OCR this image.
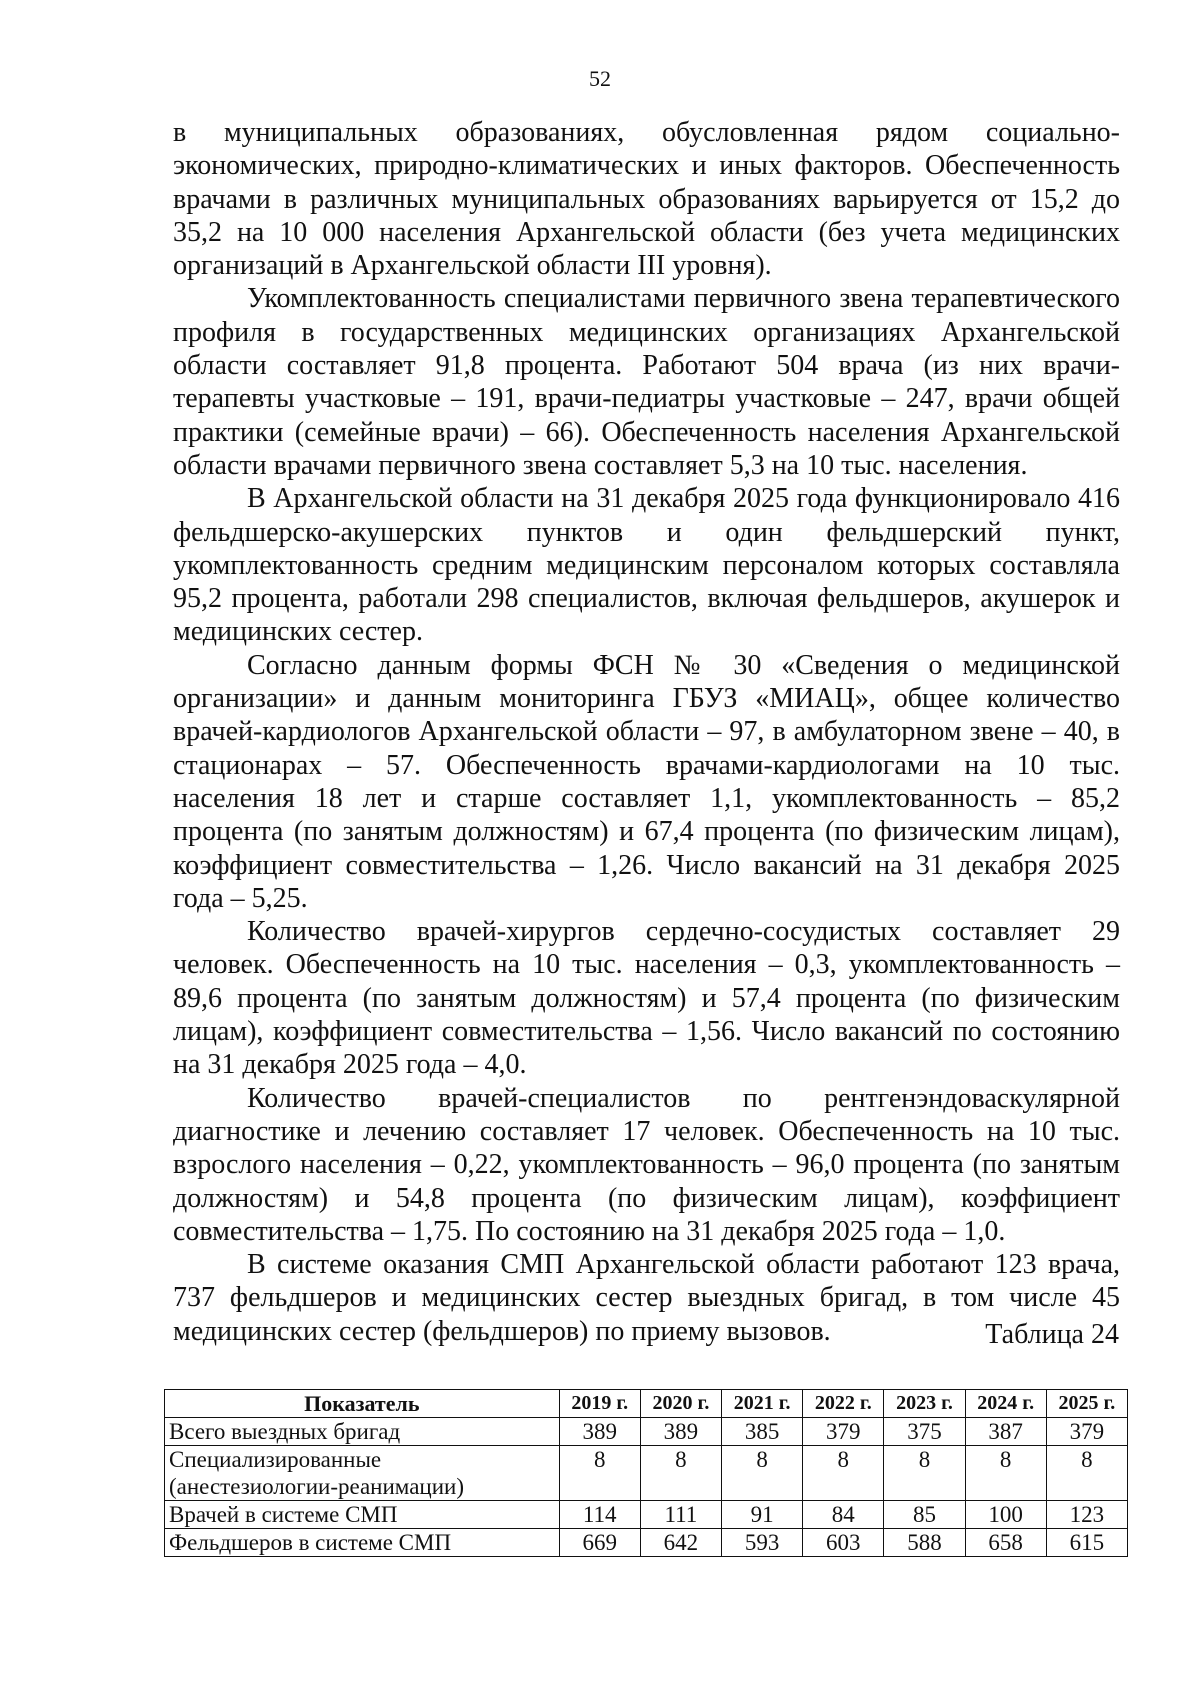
52

в муниципальных образованиях, обусловленная рядом социально-экономических, природно-климатических и иных факторов. Обеспеченность врачами в различных муниципальных образованиях варьируется от 15,2 до 35,2 на 10 000 населения Архангельской области (без учета медицинских организаций в Архангельской области III уровня).

Укомплектованность специалистами первичного звена терапевтического профиля в государственных медицинских организациях Архангельской области составляет 91,8 процента. Работают 504 врача (из них врачи-терапевты участковые – 191, врачи-педиатры участковые – 247, врачи общей практики (семейные врачи) – 66). Обеспеченность населения Архангельской области врачами первичного звена составляет 5,3 на 10 тыс. населения.

В Архангельской области на 31 декабря 2025 года функционировало 416 фельдшерско-акушерских пунктов и один фельдшерский пункт, укомплектованность средним медицинским персоналом которых составляла 95,2 процента, работали 298 специалистов, включая фельдшеров, акушерок и медицинских сестер.

Согласно данным формы ФСН № 30 «Сведения о медицинской организации» и данным мониторинга ГБУЗ «МИАЦ», общее количество врачей-кардиологов Архангельской области – 97, в амбулаторном звене – 40, в стационарах – 57. Обеспеченность врачами-кардиологами на 10 тыс. населения 18 лет и старше составляет 1,1, укомплектованность – 85,2 процента (по занятым должностям) и 67,4 процента (по физическим лицам), коэффициент совместительства – 1,26. Число вакансий на 31 декабря 2025 года – 5,25.

Количество врачей-хирургов сердечно-сосудистых составляет 29 человек. Обеспеченность на 10 тыс. населения – 0,3, укомплектованность – 89,6 процента (по занятым должностям) и 57,4 процента (по физическим лицам), коэффициент совместительства – 1,56. Число вакансий по состоянию на 31 декабря 2025 года – 4,0.

Количество врачей-специалистов по рентгенэндоваскулярной диагностике и лечению составляет 17 человек. Обеспеченность на 10 тыс. взрослого населения – 0,22, укомплектованность – 96,0 процента (по занятым должностям) и 54,8 процента (по физическим лицам), коэффициент совместительства – 1,75. По состоянию на 31 декабря 2025 года – 1,0.

В системе оказания СМП Архангельской области работают 123 врача, 737 фельдшеров и медицинских сестер выездных бригад, в том числе 45 медицинских сестер (фельдшеров) по приему вызовов.	Таблица 24
Показатель	2019 г.	2020 г.	2021 г.	2022 г.	2023 г.	2024 г.	2025 г.
Всего выездных бригад	389	389	385	379	375	387	379
Специализированные
(анестезиологии-реанимации)	8	8	8	8	8	8	8
Врачей в системе СМП	114	111	91	84	85	100	123
Фельдшеров в системе СМП	669	642	593	603	588	658	615
